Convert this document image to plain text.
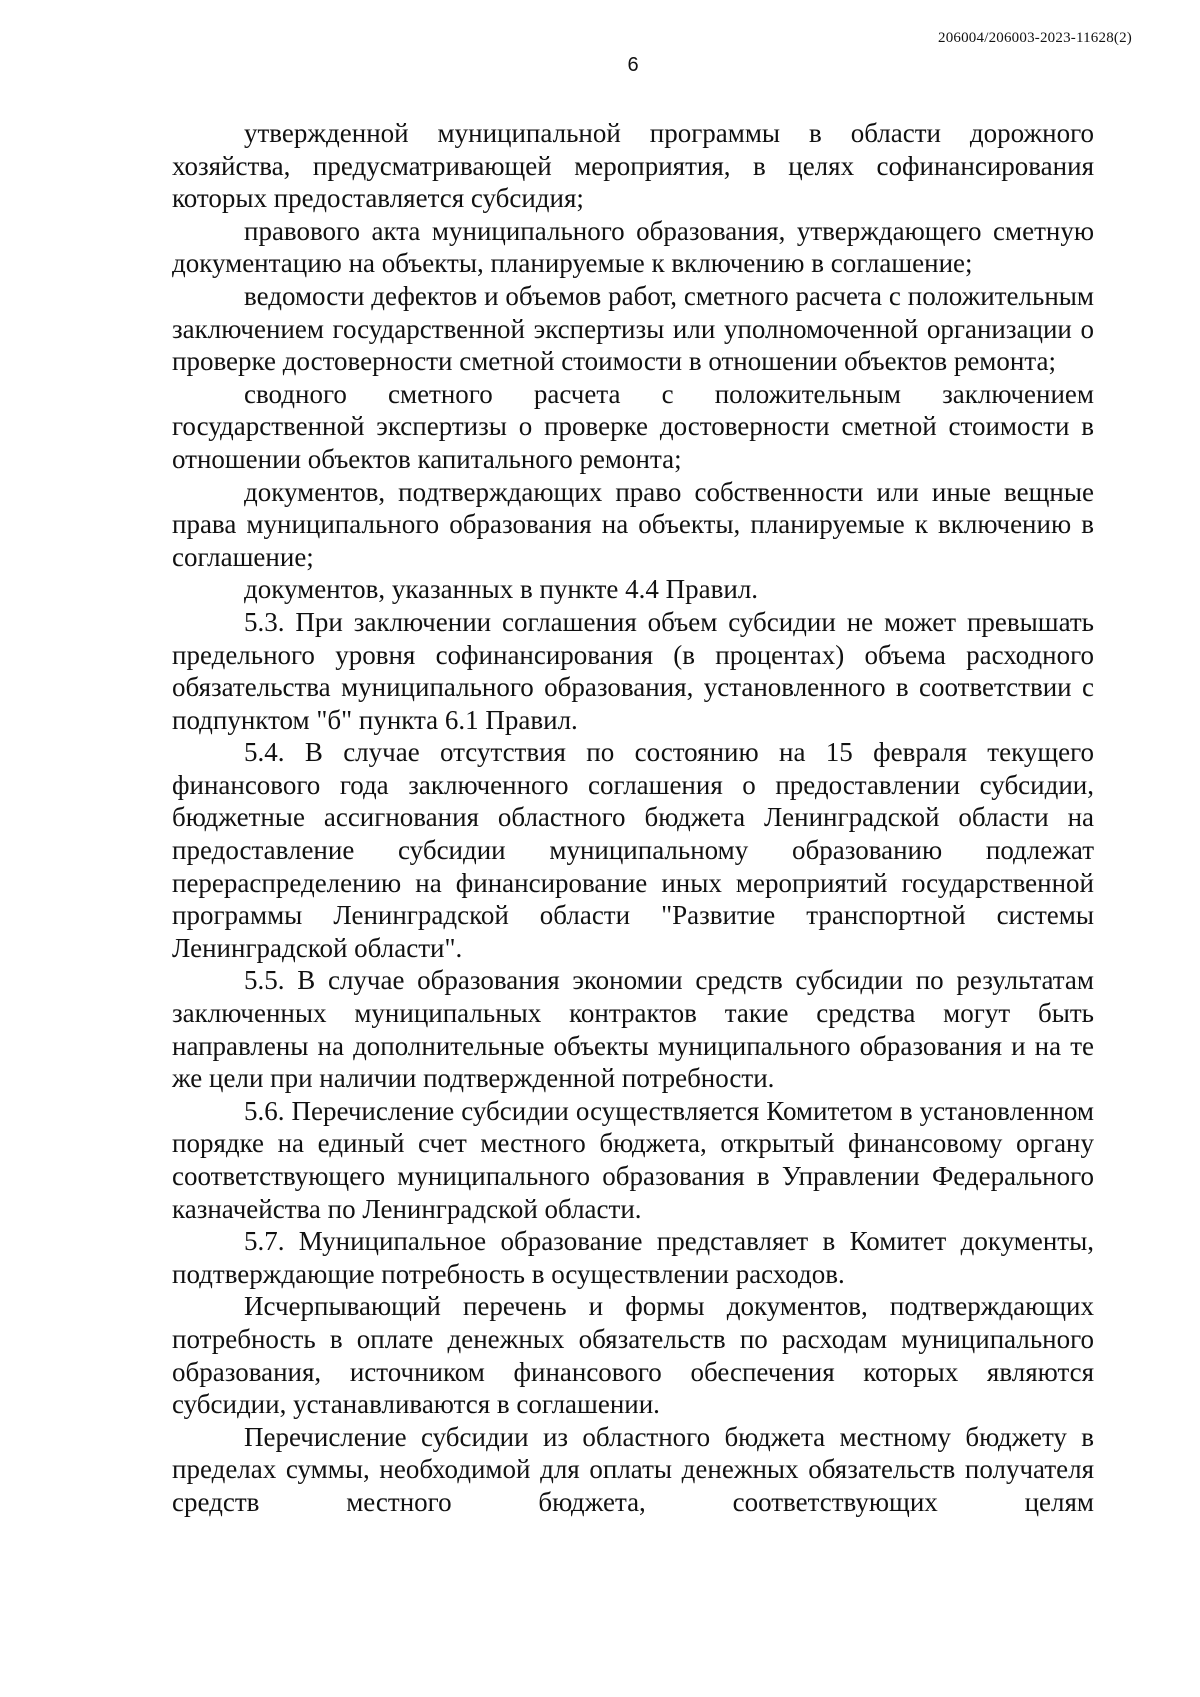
206004/206003-2023-11628(2)

6

утвержденной муниципальной программы в области дорожного хозяйства, предусматривающей мероприятия, в целях софинансирования которых предоставляется субсидия;

правового акта муниципального образования, утверждающего сметную документацию на объекты, планируемые к включению в соглашение;

ведомости дефектов и объемов работ, сметного расчета с положительным заключением государственной экспертизы или уполномоченной организации о проверке достоверности сметной стоимости в отношении объектов ремонта;

сводного сметного расчета с положительным заключением государственной экспертизы о проверке достоверности сметной стоимости в отношении объектов капитального ремонта;

документов, подтверждающих право собственности или иные вещные права муниципального образования на объекты, планируемые к включению в соглашение;

документов, указанных в пункте 4.4 Правил.

5.3. При заключении соглашения объем субсидии не может превышать предельного уровня софинансирования (в процентах) объема расходного обязательства муниципального образования, установленного в соответствии с подпунктом "б" пункта 6.1 Правил.

5.4. В случае отсутствия по состоянию на 15 февраля текущего финансового года заключенного соглашения о предоставлении субсидии, бюджетные ассигнования областного бюджета Ленинградской области на предоставление субсидии муниципальному образованию подлежат перераспределению на финансирование иных мероприятий государственной программы Ленинградской области "Развитие транспортной системы Ленинградской области".

5.5. В случае образования экономии средств субсидии по результатам заключенных муниципальных контрактов такие средства могут быть направлены на дополнительные объекты муниципального образования и на те же цели при наличии подтвержденной потребности.

5.6. Перечисление субсидии осуществляется Комитетом в установленном порядке на единый счет местного бюджета, открытый финансовому органу соответствующего муниципального образования в Управлении Федерального казначейства по Ленинградской области.

5.7. Муниципальное образование представляет в Комитет документы, подтверждающие потребность в осуществлении расходов.

Исчерпывающий перечень и формы документов, подтверждающих потребность в оплате денежных обязательств по расходам муниципального образования, источником финансового обеспечения которых являются субсидии, устанавливаются в соглашении.

Перечисление субсидии из областного бюджета местному бюджету в пределах суммы, необходимой для оплаты денежных обязательств получателя средств местного бюджета, соответствующих целям
